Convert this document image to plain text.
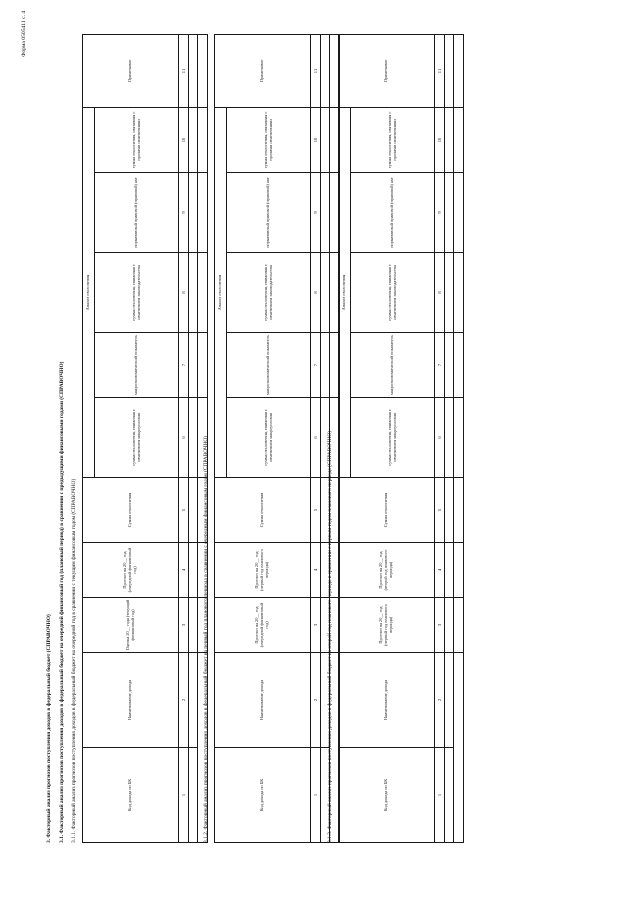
Форма 0505411 с. 4
3. Факторный анализ прогнозов поступления доходов в федеральный бюджет (СПРАВОЧНО) 3.1. Факторный анализ прогнозов поступления доходов в федеральный бюджет на очередной финансовый год (плановый период) в сравнении с предыдущими финансовыми годами (СПРАВОЧНО) 3.1.1. Факторный анализ прогнозов поступления доходов в федеральный бюджет на очередной год в сравнении с текущим финансовым годом (СПРАВОЧНО)	Код дохода по БК	Наименование дохода	Оценка 20__ года (текущий финансовый год)	Прогноз на 20__ год (очередной финансовый год)	Сумма отклонения	Анализ отклонения					Примечание	
					сумма отклонения, связанная с изменением макроусловия	макроэкономический показатель	сумма отклонения, связанная с изменением законодательства	нормативный правовой (правовой) акт	сумма отклонения, связанная с прочими изменениями		
1	2	3	4	5	6	7	8	9	10	11	

3.1.2. Факторный анализ прогнозов поступления доходов в федеральный бюджет на первый год планового периода в сравнении с очередным финансовым годом (СПРАВОЧНО)	Код дохода по БК	Наименование дохода	Прогноз на 20__ год (очередной финансовый год)	Прогноз на 20__ год (первый год планового периода)	Сумма отклонения	Анализ отклонения					Примечание	
					сумма отклонения, связанная с изменением макроусловия	макроэкономический показатель	сумма отклонения, связанная с изменением законодательства	нормативный правовой (правовой) акт	сумма отклонения, связанная с прочими изменениями		
1	2	3	4	5	6	7	8	9	10	11	

3.1.3. Факторный анализ прогнозов поступления доходов в федеральный бюджет на второй год планового периода в сравнении с первым годом планового периода (СПРАВОЧНО)	Код дохода по БК	Наименование дохода	Прогноз на 20__ год (первый год планового периода)	Прогноз на 20__ год (второй год планового периода)	Сумма отклонения	Анализ отклонения					Примечание	
					сумма отклонения, связанная с изменением макроусловия	макроэкономический показатель	сумма отклонения, связанная с изменением законодательства	нормативный правовой (правовой) акт	сумма отклонения, связанная с прочими изменениями		
1	2	3	4	5	6	7	8	9	10	11	
